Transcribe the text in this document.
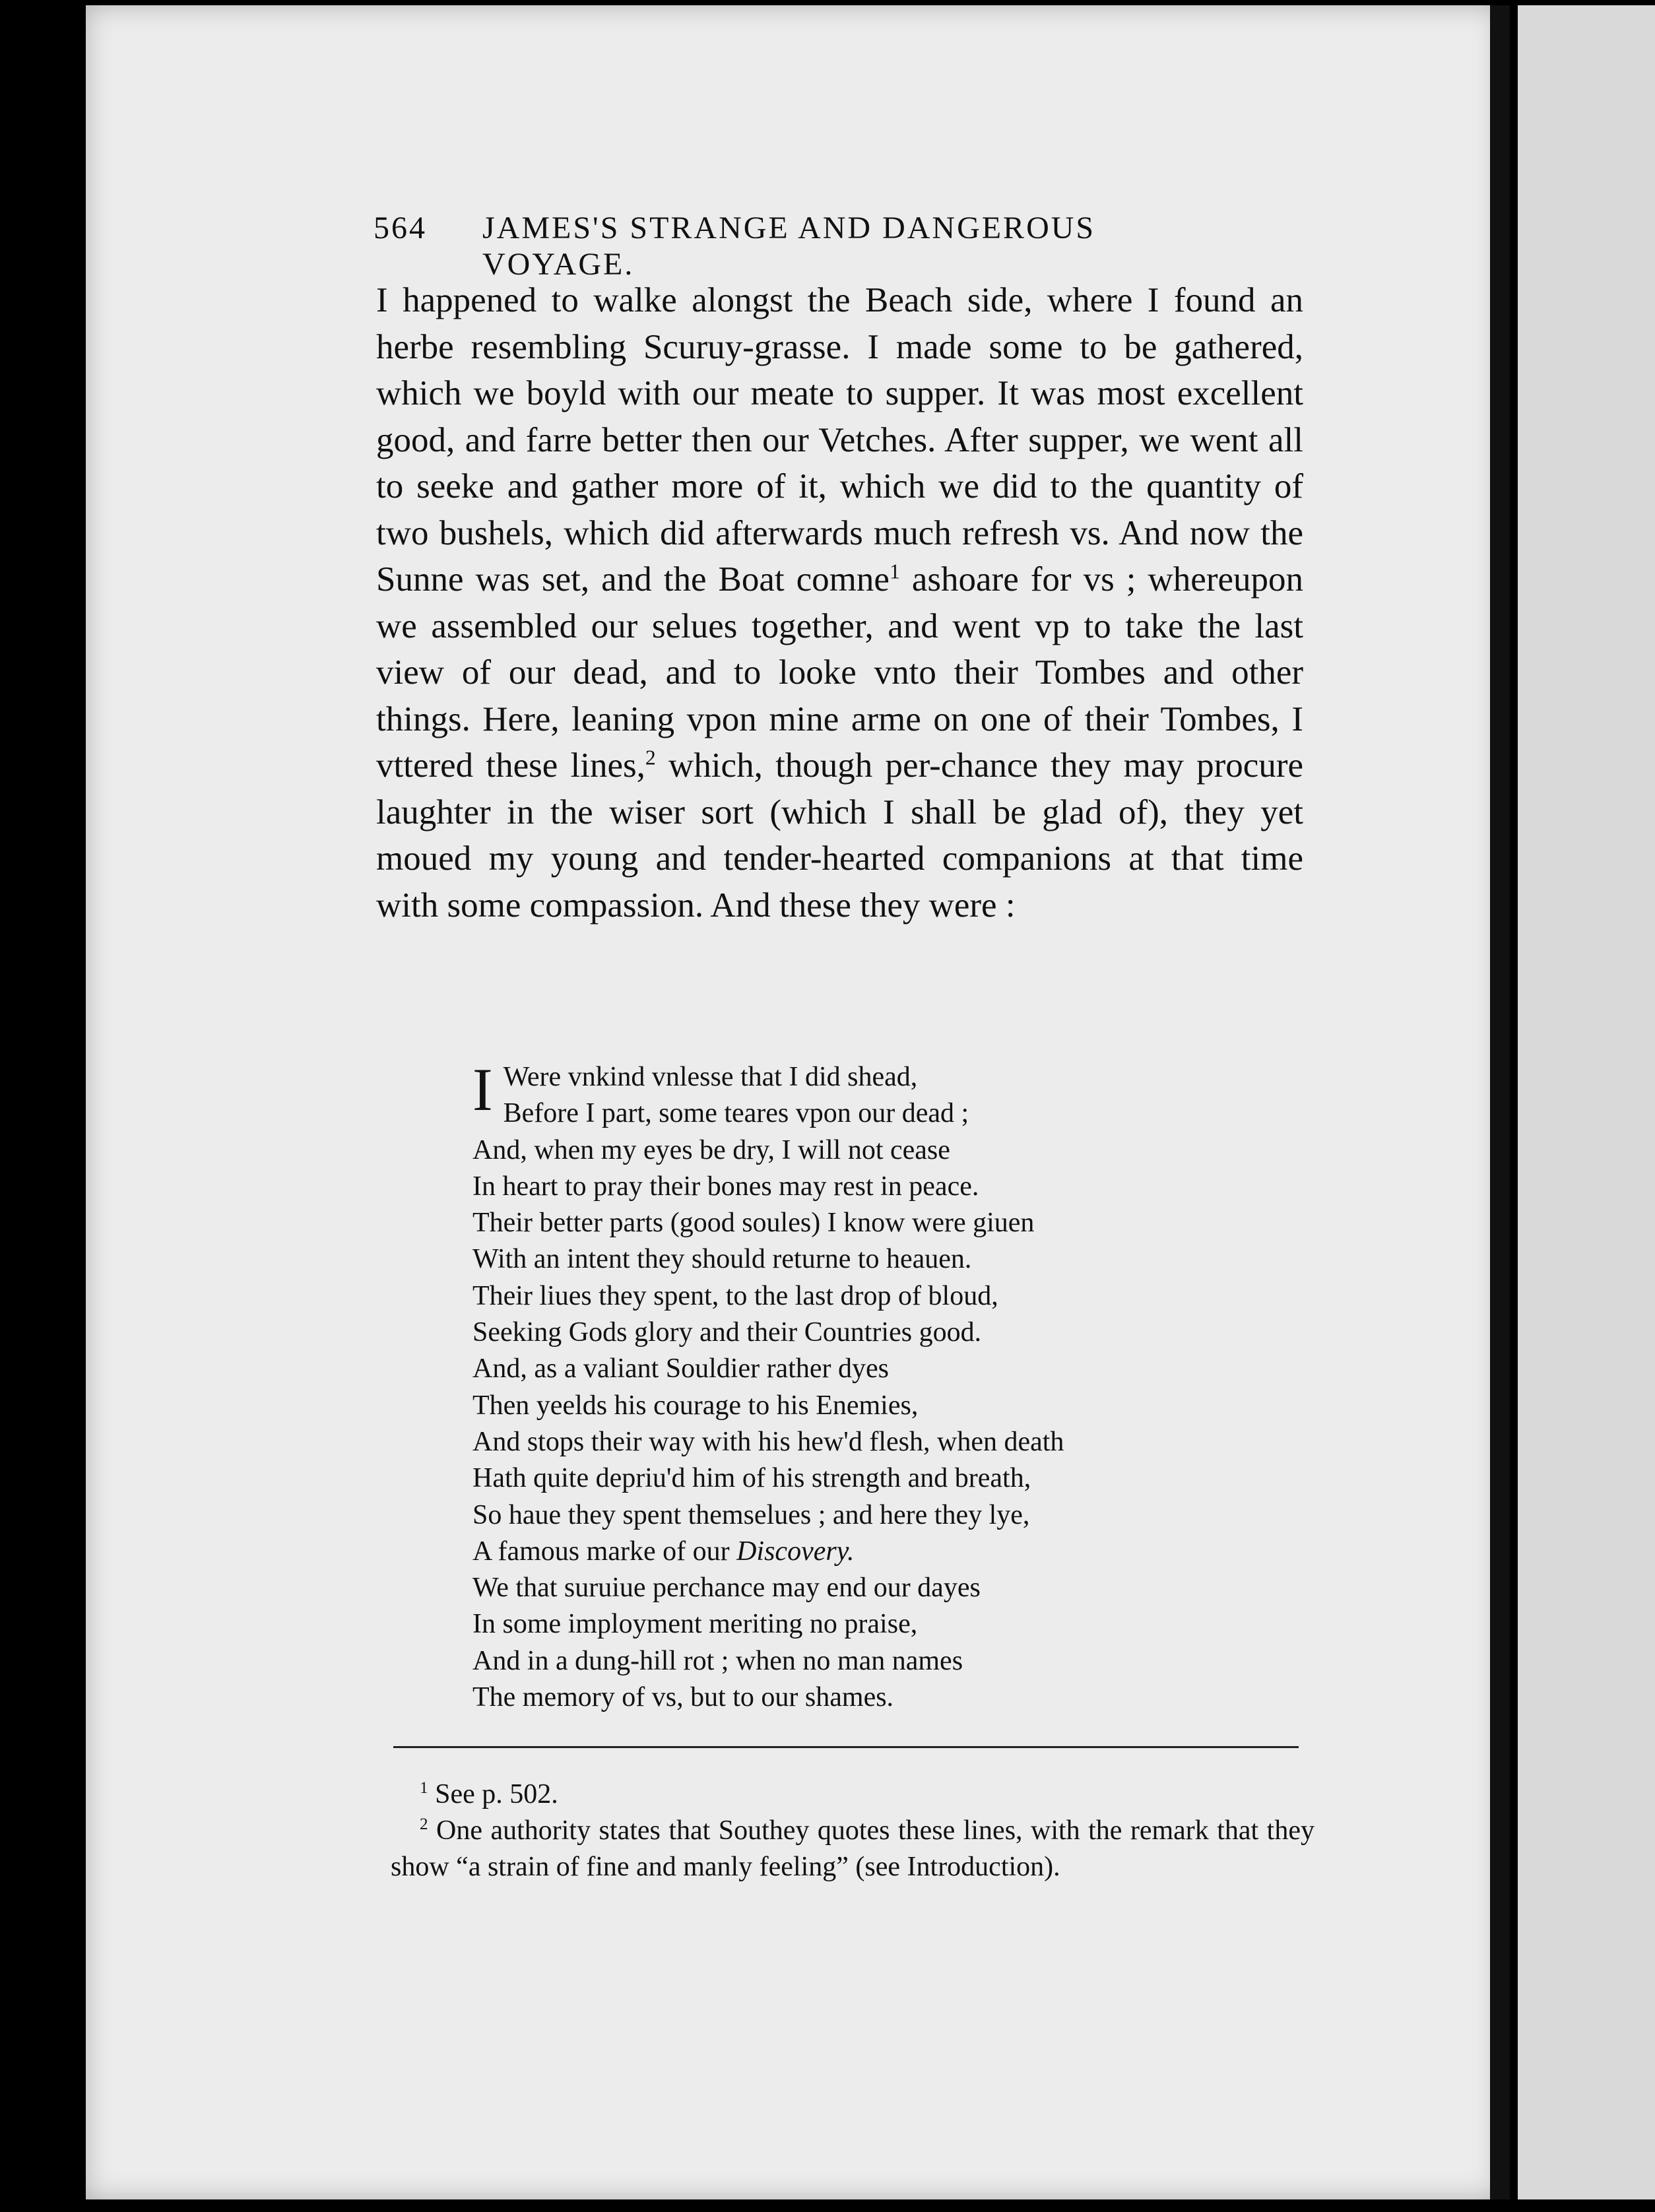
564 JAMES'S STRANGE AND DANGEROUS VOYAGE.

I happened to walke alongst the Beach side, where I found an herbe resembling Scuruy-grasse. I made some to be gathered, which we boyld with our meate to supper. It was most excellent good, and farre better then our Vetches. After supper, we went all to seeke and gather more of it, which we did to the quantity of two bushels, which did afterwards much refresh vs. And now the Sunne was set, and the Boat comne$^1$ ashoare for vs ; whereupon we assembled our selues together, and went vp to take the last view of our dead, and to looke vnto their Tombes and other things. Here, leaning vpon mine arme on one of their Tombes, I vttered these lines,$^2$ which, though per-chance they may procure laughter in the wiser sort (which I shall be glad of), they yet moued my young and tender-hearted companions at that time with some compassion. And these they were :

I Were vnkind vnlesse that I did shead,
Before I part, some teares vpon our dead ;
And, when my eyes be dry, I will not cease
In heart to pray their bones may rest in peace.
Their better parts (good soules) I know were giuen
With an intent they should returne to heauen.
Their liues they spent, to the last drop of bloud,
Seeking Gods glory and their Countries good.
And, as a valiant Souldier rather dyes
Then yeelds his courage to his Enemies,
And stops their way with his hew'd flesh, when death
Hath quite depriu'd him of his strength and breath,
So haue they spent themselues ; and here they lye,
A famous marke of our Discovery.
We that suruiue perchance may end our dayes
In some imployment meriting no praise,
And in a dung-hill rot ; when no man names
The memory of vs, but to our shames.

$^1$ See p. 502.

$^2$ One authority states that Southey quotes these lines, with the remark that they show “a strain of fine and manly feeling” (see Introduction).
